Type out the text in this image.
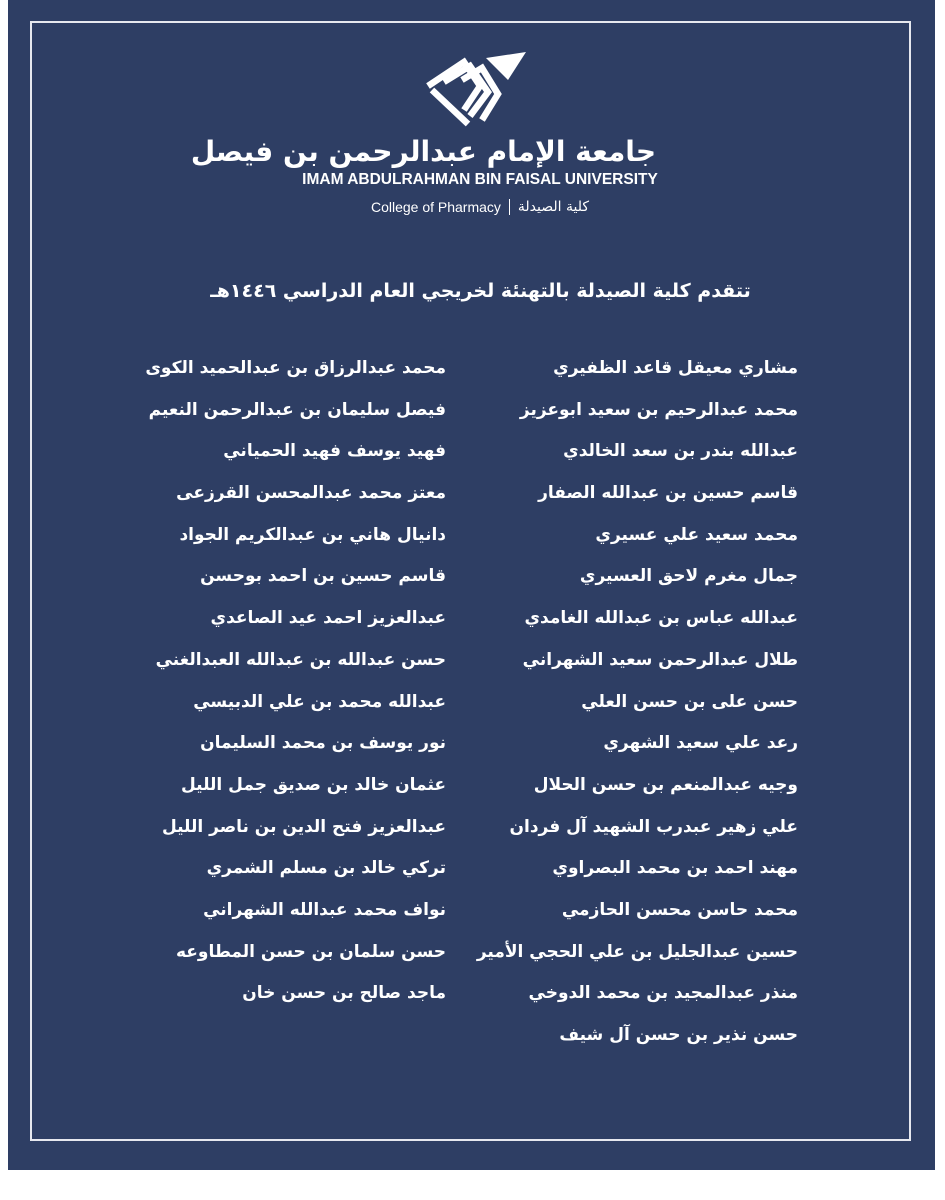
جامعة الإمام عبدالرحمن بن فيصل
IMAM ABDULRAHMAN BIN FAISAL UNIVERSITY
College of Pharmacy كلية الصيدلة
تتقدم كلية الصيدلة بالتهنئة لخريجي العام الدراسي ١٤٤٦هـ
مشاري معيقل قاعد الظفيري
محمد عبدالرحيم بن سعيد ابوعزيز
عبدالله بندر بن سعد الخالدي
قاسم حسين بن عبدالله الصفار
محمد سعيد علي عسيري
جمال مغرم لاحق العسيري
عبدالله عباس بن عبدالله الغامدي
طلال عبدالرحمن سعيد الشهراني
حسن على بن حسن العلي
رعد علي سعيد الشهري
وجيه عبدالمنعم بن حسن الحلال
علي زهير عبدرب الشهيد آل فردان
مهند احمد بن محمد البصراوي
محمد حاسن محسن الحازمي
حسين عبدالجليل بن علي الحجي الأمير
منذر عبدالمجيد بن محمد الدوخي
حسن نذير بن حسن آل شيف
محمد عبدالرزاق بن عبدالحميد الكوى
فيصل سليمان بن عبدالرحمن النعيم
فهيد يوسف فهيد الحمياني
معتز محمد عبدالمحسن القرزعى
دانيال هاني بن عبدالكريم الجواد
قاسم حسين بن احمد بوحسن
عبدالعزيز احمد عيد الصاعدي
حسن عبدالله بن عبدالله العبدالغني
عبدالله محمد بن علي الدبيسي
نور يوسف بن محمد السليمان
عثمان خالد بن صديق جمل الليل
عبدالعزيز فتح الدين بن ناصر الليل
تركي خالد بن مسلم الشمري
نواف محمد عبدالله الشهراني
حسن سلمان بن حسن المطاوعه
ماجد صالح بن حسن خان
